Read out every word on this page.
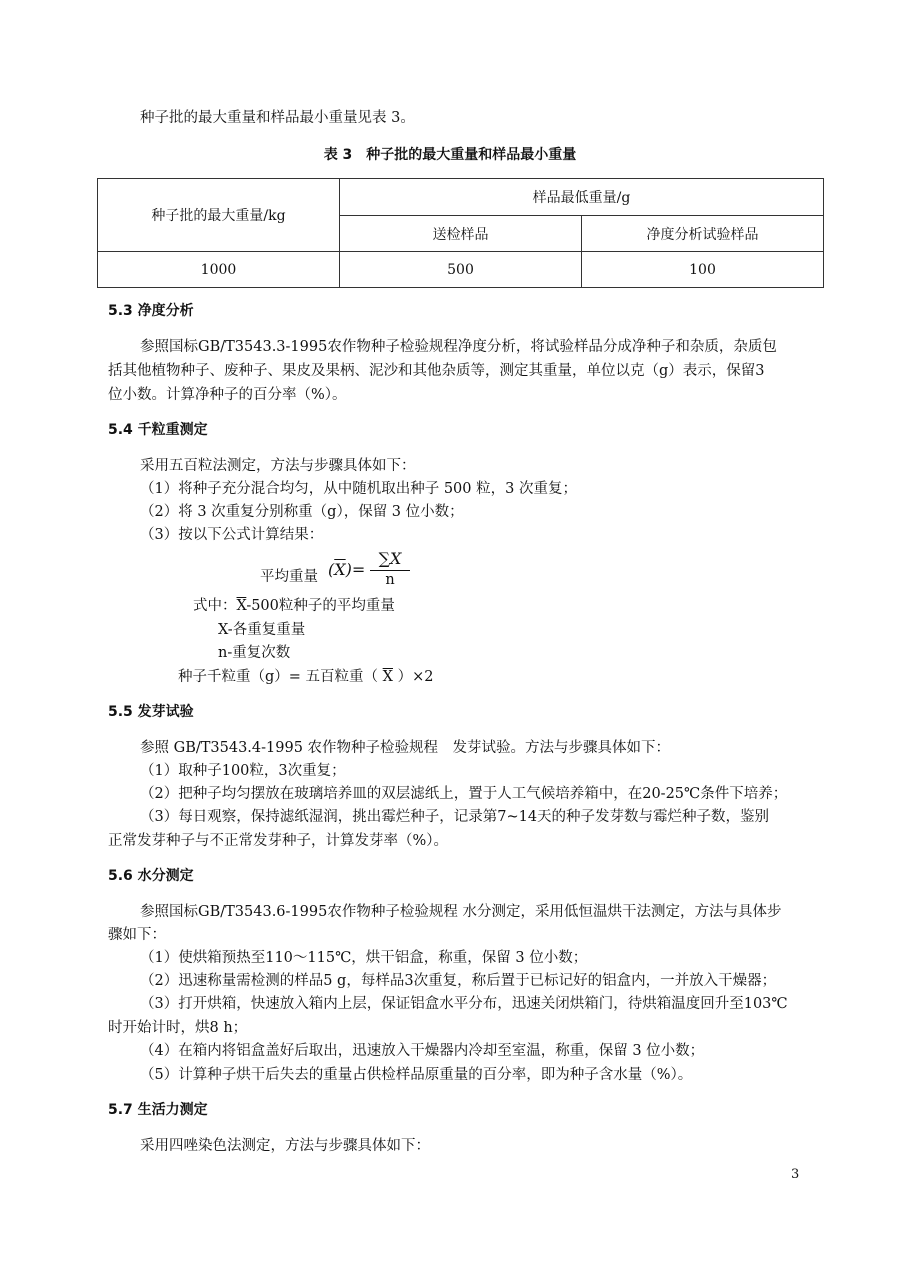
种子批的最大重量和样品最小重量见表 3。
表 3　种子批的最大重量和样品最小重量
种子批的最大重量/kg	样品最低重量/g	
	送检样品	净度分析试验样品
1000	500	100
5.3 净度分析
参照国标GB/T3543.3-1995农作物种子检验规程净度分析，将试验样品分成净种子和杂质，杂质包
括其他植物种子、废种子、果皮及果柄、泥沙和其他杂质等，测定其重量，单位以克（g）表示，保留3
位小数。计算净种子的百分率（%）。
5.4 千粒重测定
采用五百粒法测定，方法与步骤具体如下：
（1）将种子充分混合均匀，从中随机取出种子 500 粒，3 次重复；
（2）将 3 次重复分别称重（g），保留 3 位小数；
（3）按以下公式计算结果：
平均重量 $(\overline{X})=$
∑X
n
式中：$\overline{X}-500$粒种子的平均重量
X-各重复重量
n-重复次数
种子千粒重（g）= 五百粒重（ $\overline{X}$ ）×2
5.5 发芽试验
参照 GB/T3543.4-1995 农作物种子检验规程　发芽试验。方法与步骤具体如下：
（1）取种子100粒，3次重复；
（2）把种子均匀摆放在玻璃培养皿的双层滤纸上，置于人工气候培养箱中，在20-25℃条件下培养；
（3）每日观察，保持滤纸湿润，挑出霉烂种子，记录第7~14天的种子发芽数与霉烂种子数，鉴别
正常发芽种子与不正常发芽种子，计算发芽率（%）。
5.6 水分测定
参照国标GB/T3543.6-1995农作物种子检验规程 水分测定，采用低恒温烘干法测定，方法与具体步
骤如下：
（1）使烘箱预热至110～115℃，烘干铝盒，称重，保留 3 位小数；
（2）迅速称量需检测的样品5 g，每样品3次重复，称后置于已标记好的铝盒内，一并放入干燥器；
（3）打开烘箱，快速放入箱内上层，保证铝盒水平分布，迅速关闭烘箱门，待烘箱温度回升至103℃
时开始计时，烘8 h；
（4）在箱内将铝盒盖好后取出，迅速放入干燥器内冷却至室温，称重，保留 3 位小数；
（5）计算种子烘干后失去的重量占供检样品原重量的百分率，即为种子含水量（%）。
5.7 生活力测定
采用四唑染色法测定，方法与步骤具体如下：
3
